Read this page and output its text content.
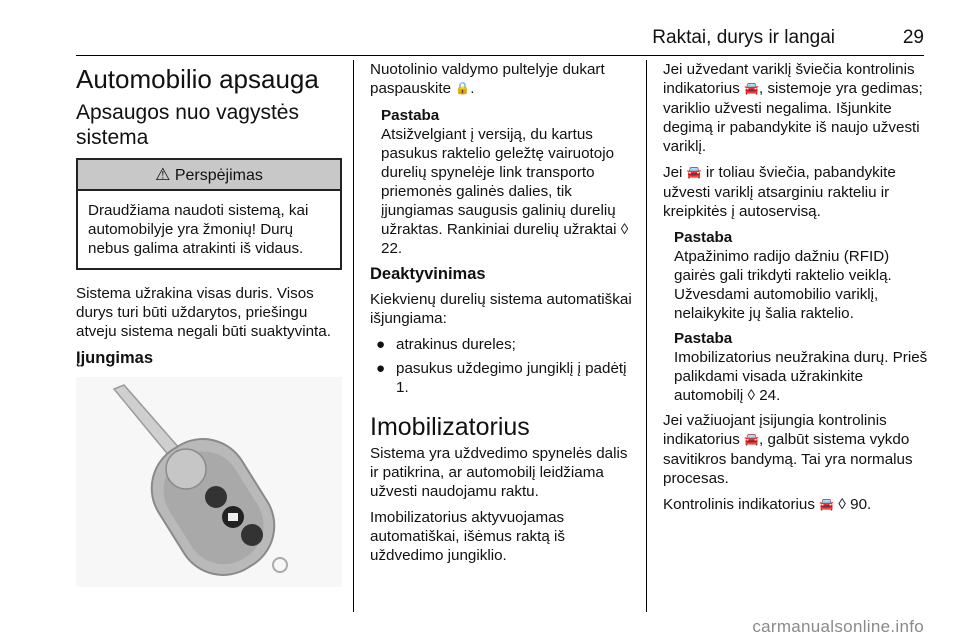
Raktai, durys ir langai	29
Automobilio apsauga
Apsaugos nuo vagystės sistema
⚠ Perspėjimas
Draudžiama naudoti sistemą, kai automobilyje yra žmonių! Durų nebus galima atrakinti iš vidaus.

Sistema užrakina visas duris. Visos durys turi būti uždarytos, priešingu atveju sistema negali būti suaktyvinta.

Įjungimas

Nuotolinio valdymo pultelyje dukart paspauskite 🔒.

Pastaba
Atsižvelgiant į versiją, du kartus pasukus raktelio geležtę vairuotojo durelių spynelėje link transporto priemonės galinės dalies, tik įjungiamas saugusis galinių durelių užraktas. Rankiniai durelių užraktai ◊ 22.
Deaktyvinimas

Kiekvienų durelių sistema automatiškai išjungiama:

● atrakinus dureles;
● pasukus uždegimo jungiklį į padėtį 1.
Imobilizatorius

Sistema yra uždvedimo spynelės dalis ir patikrina, ar automobilį leidžiama užvesti naudojamu raktu.

Imobilizatorius aktyvuojamas automatiškai, išėmus raktą iš uždvedimo jungiklio.

Jei užvedant variklį šviečia kontrolinis indikatorius 🚘, sistemoje yra gedimas; variklio užvesti negalima. Išjunkite degimą ir pabandykite iš naujo užvesti variklį.

Jei 🚘 ir toliau šviečia, pabandykite užvesti variklį atsarginiu rakteliu ir kreipkitės į autoservisą.

Pastaba
Atpažinimo radijo dažniu (RFID) gairės gali trikdyti raktelio veiklą. Užvesdami automobilio variklį, nelaikykite jų šalia raktelio.
Pastaba
Imobilizatorius neužrakina durų. Prieš palikdami visada užrakinkite automobilį ◊ 24.

Jei važiuojant įsijungia kontrolinis indikatorius 🚘, galbūt sistema vykdo savitikros bandymą. Tai yra normalus procesas.

Kontrolinis indikatorius 🚘 ◊ 90.

carmanualsonline.info
